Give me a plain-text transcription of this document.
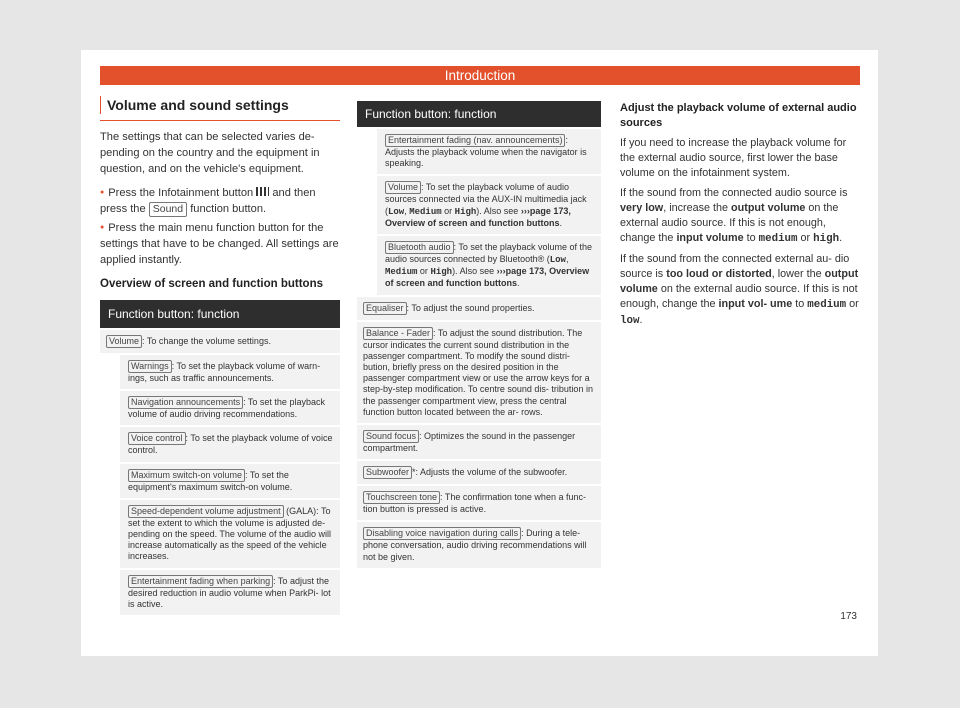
Introduction
Volume and sound settings

The settings that can be selected varies de- pending on the country and the equipment in question, and on the vehicle's equipment.

● Press the Infotainment button and then press the Sound function button.

● Press the main menu function button for the settings that have to be changed. All settings are applied instantly.

Overview of screen and function buttons
Function button: function
Volume : To change the volume settings.
Warnings : To set the playback volume of warn- ings, such as traffic announcements.
Navigation announcements : To set the playback volume of audio driving recommendations.
Voice control : To set the playback volume of voice control.
Maximum switch-on volume : To set the equipment's maximum switch-on volume.
Speed-dependent volume adjustment (GALA): To set the extent to which the volume is adjusted de- pending on the speed. The volume of the audio will increase automatically as the speed of the vehicle increases.
Entertainment fading when parking : To adjust the desired reduction in audio volume when ParkPi- lot is active.
Function button: function
Entertainment fading (nav. announcements) : Adjusts the playback volume when the navigator is speaking.
Volume : To set the playback volume of audio sources connected via the AUX-IN multimedia jack (Low, Medium or High). Also see ››› page 173, Overview of screen and function buttons.
Bluetooth audio : To set the playback volume of the audio sources connected by Bluetooth® (Low, Medium or High). Also see ››› page 173, Overview of screen and function buttons.
Equaliser : To adjust the sound properties.
Balance - Fader : To adjust the sound distribution. The cursor indicates the current sound distribution in the passenger compartment. To modify the sound distri- bution, briefly press on the desired position in the passenger compartment view or use the arrow keys for a step-by-step modification. To centre sound dis- tribution in the passenger compartment view, press the central function button located between the ar- rows.
Sound focus : Optimizes the sound in the passenger compartment.
Subwoofer *: Adjusts the volume of the subwoofer.
Touchscreen tone : The confirmation tone when a func- tion button is pressed is active.
Disabling voice navigation during calls : During a tele- phone conversation, audio driving recommendations will not be given.
Adjust the playback volume of external audio sources

If you need to increase the playback volume for the external audio source, first lower the base volume on the infotainment system.

If the sound from the connected audio source is very low, increase the output volume on the external audio source. If this is not enough, change the input volume to medium or high.

If the sound from the connected external au- dio source is too loud or distorted, lower the output volume on the external audio source. If this is not enough, change the input vol- ume to medium or low.

173
